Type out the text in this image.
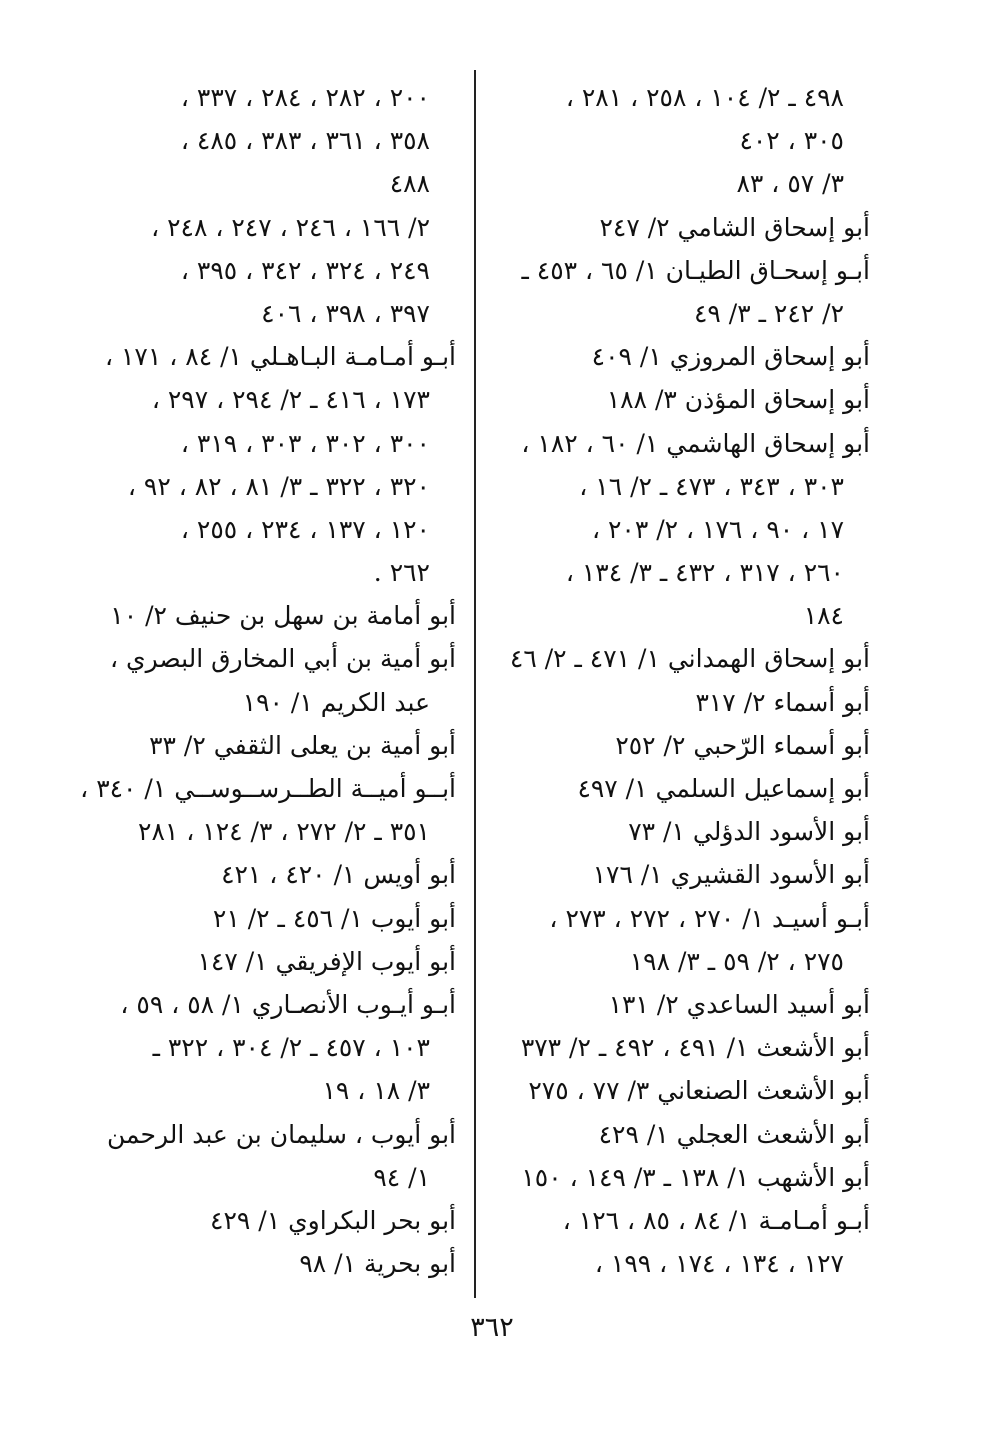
٤٩٨ ـ ٢/ ١٠٤ ، ٢٥٨ ، ٢٨١ ،
٣٠٥ ، ٤٠٢
٣/ ٥٧ ، ٨٣
أبو إسحاق الشامي ٢/ ٢٤٧
أبـو إسحـاق الطيـان ١/ ٦٥ ، ٤٥٣ ـ
٢/ ٢٤٢ ـ ٣/ ٤٩
أبو إسحاق المروزي ١/ ٤٠٩
أبو إسحاق المؤذن ٣/ ١٨٨
أبو إسحاق الهاشمي ١/ ٦٠ ، ١٨٢ ،
٣٠٣ ، ٣٤٣ ، ٤٧٣ ـ ٢/ ١٦ ،
١٧ ، ٩٠ ، ١٧٦ ، ٢/ ٢٠٣ ،
٢٦٠ ، ٣١٧ ، ٤٣٢ ـ ٣/ ١٣٤ ،
١٨٤
أبو إسحاق الهمداني ١/ ٤٧١ ـ ٢/ ٤٦
أبو أسماء ٢/ ٣١٧
أبو أسماء الرّحبي ٢/ ٢٥٢
أبو إسماعيل السلمي ١/ ٤٩٧
أبو الأسود الدؤلي ١/ ٧٣
أبو الأسود القشيري ١/ ١٧٦
أبـو أسيـد ١/ ٢٧٠ ، ٢٧٢ ، ٢٧٣ ،
٢٧٥ ، ٢/ ٥٩ ـ ٣/ ١٩٨
أبو أسيد الساعدي ٢/ ١٣١
أبو الأشعث ١/ ٤٩١ ، ٤٩٢ ـ ٢/ ٣٧٣
أبو الأشعث الصنعاني ٣/ ٧٧ ، ٢٧٥
أبو الأشعث العجلي ١/ ٤٢٩
أبو الأشهب ١/ ١٣٨ ـ ٣/ ١٤٩ ، ١٥٠
أبـو أمـامـة ١/ ٨٤ ، ٨٥ ، ١٢٦ ،
١٢٧ ، ١٣٤ ، ١٧٤ ، ١٩٩ ،
٢٠٠ ، ٢٨٢ ، ٢٨٤ ، ٣٣٧ ،
٣٥٨ ، ٣٦١ ، ٣٨٣ ، ٤٨٥ ،
٤٨٨
٢/ ١٦٦ ، ٢٤٦ ، ٢٤٧ ، ٢٤٨ ،
٢٤٩ ، ٣٢٤ ، ٣٤٢ ، ٣٩٥ ،
٣٩٧ ، ٣٩٨ ، ٤٠٦
أبـو أمـامـة البـاهـلي ١/ ٨٤ ، ١٧١ ،
١٧٣ ، ٤١٦ ـ ٢/ ٢٩٤ ، ٢٩٧ ،
٣٠٠ ، ٣٠٢ ، ٣٠٣ ، ٣١٩ ،
٣٢٠ ، ٣٢٢ ـ ٣/ ٨١ ، ٨٢ ، ٩٢ ،
١٢٠ ، ١٣٧ ، ٢٣٤ ، ٢٥٥ ،
٢٦٢ .
أبو أمامة بن سهل بن حنيف ٢/ ١٠
أبو أمية بن أبي المخارق البصري ،
عبد الكريم ١/ ١٩٠
أبو أمية بن يعلى الثقفي ٢/ ٣٣
أبــو أميــة الطــرســوســي ١/ ٣٤٠ ،
٣٥١ ـ ٢/ ٢٧٢ ، ٣/ ١٢٤ ، ٢٨١
أبو أويس ١/ ٤٢٠ ، ٤٢١
أبو أيوب ١/ ٤٥٦ ـ ٢/ ٢١
أبو أيوب الإفريقي ١/ ١٤٧
أبـو أيـوب الأنصـاري ١/ ٥٨ ، ٥٩ ،
١٠٣ ، ٤٥٧ ـ ٢/ ٣٠٤ ، ٣٢٢ ـ
٣/ ١٨ ، ١٩
أبو أيوب ، سليمان بن عبد الرحمن
١/ ٩٤
أبو بحر البكراوي ١/ ٤٢٩
أبو بحرية ١/ ٩٨
٣٦٢
